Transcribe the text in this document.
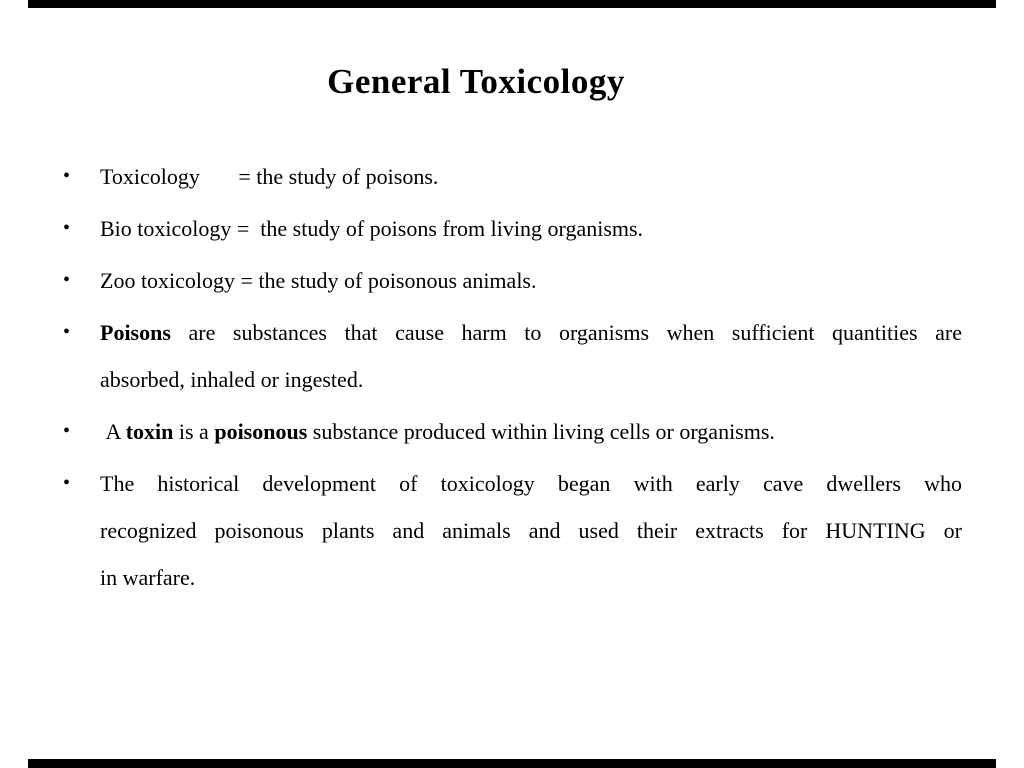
General Toxicology
• Toxicology   = the study of poisons.
• Bio toxicology =  the study of poisons from living organisms.
• Zoo toxicology = the study of poisonous animals.
• Poisons are substances that cause harm to organisms when sufficient quantities are
absorbed, inhaled or ingested.
• A toxin is a poisonous substance produced within living cells or organisms.
• The historical development of toxicology began with early cave dwellers who
recognized poisonous plants and animals and used their extracts for HUNTING or
in warfare.
